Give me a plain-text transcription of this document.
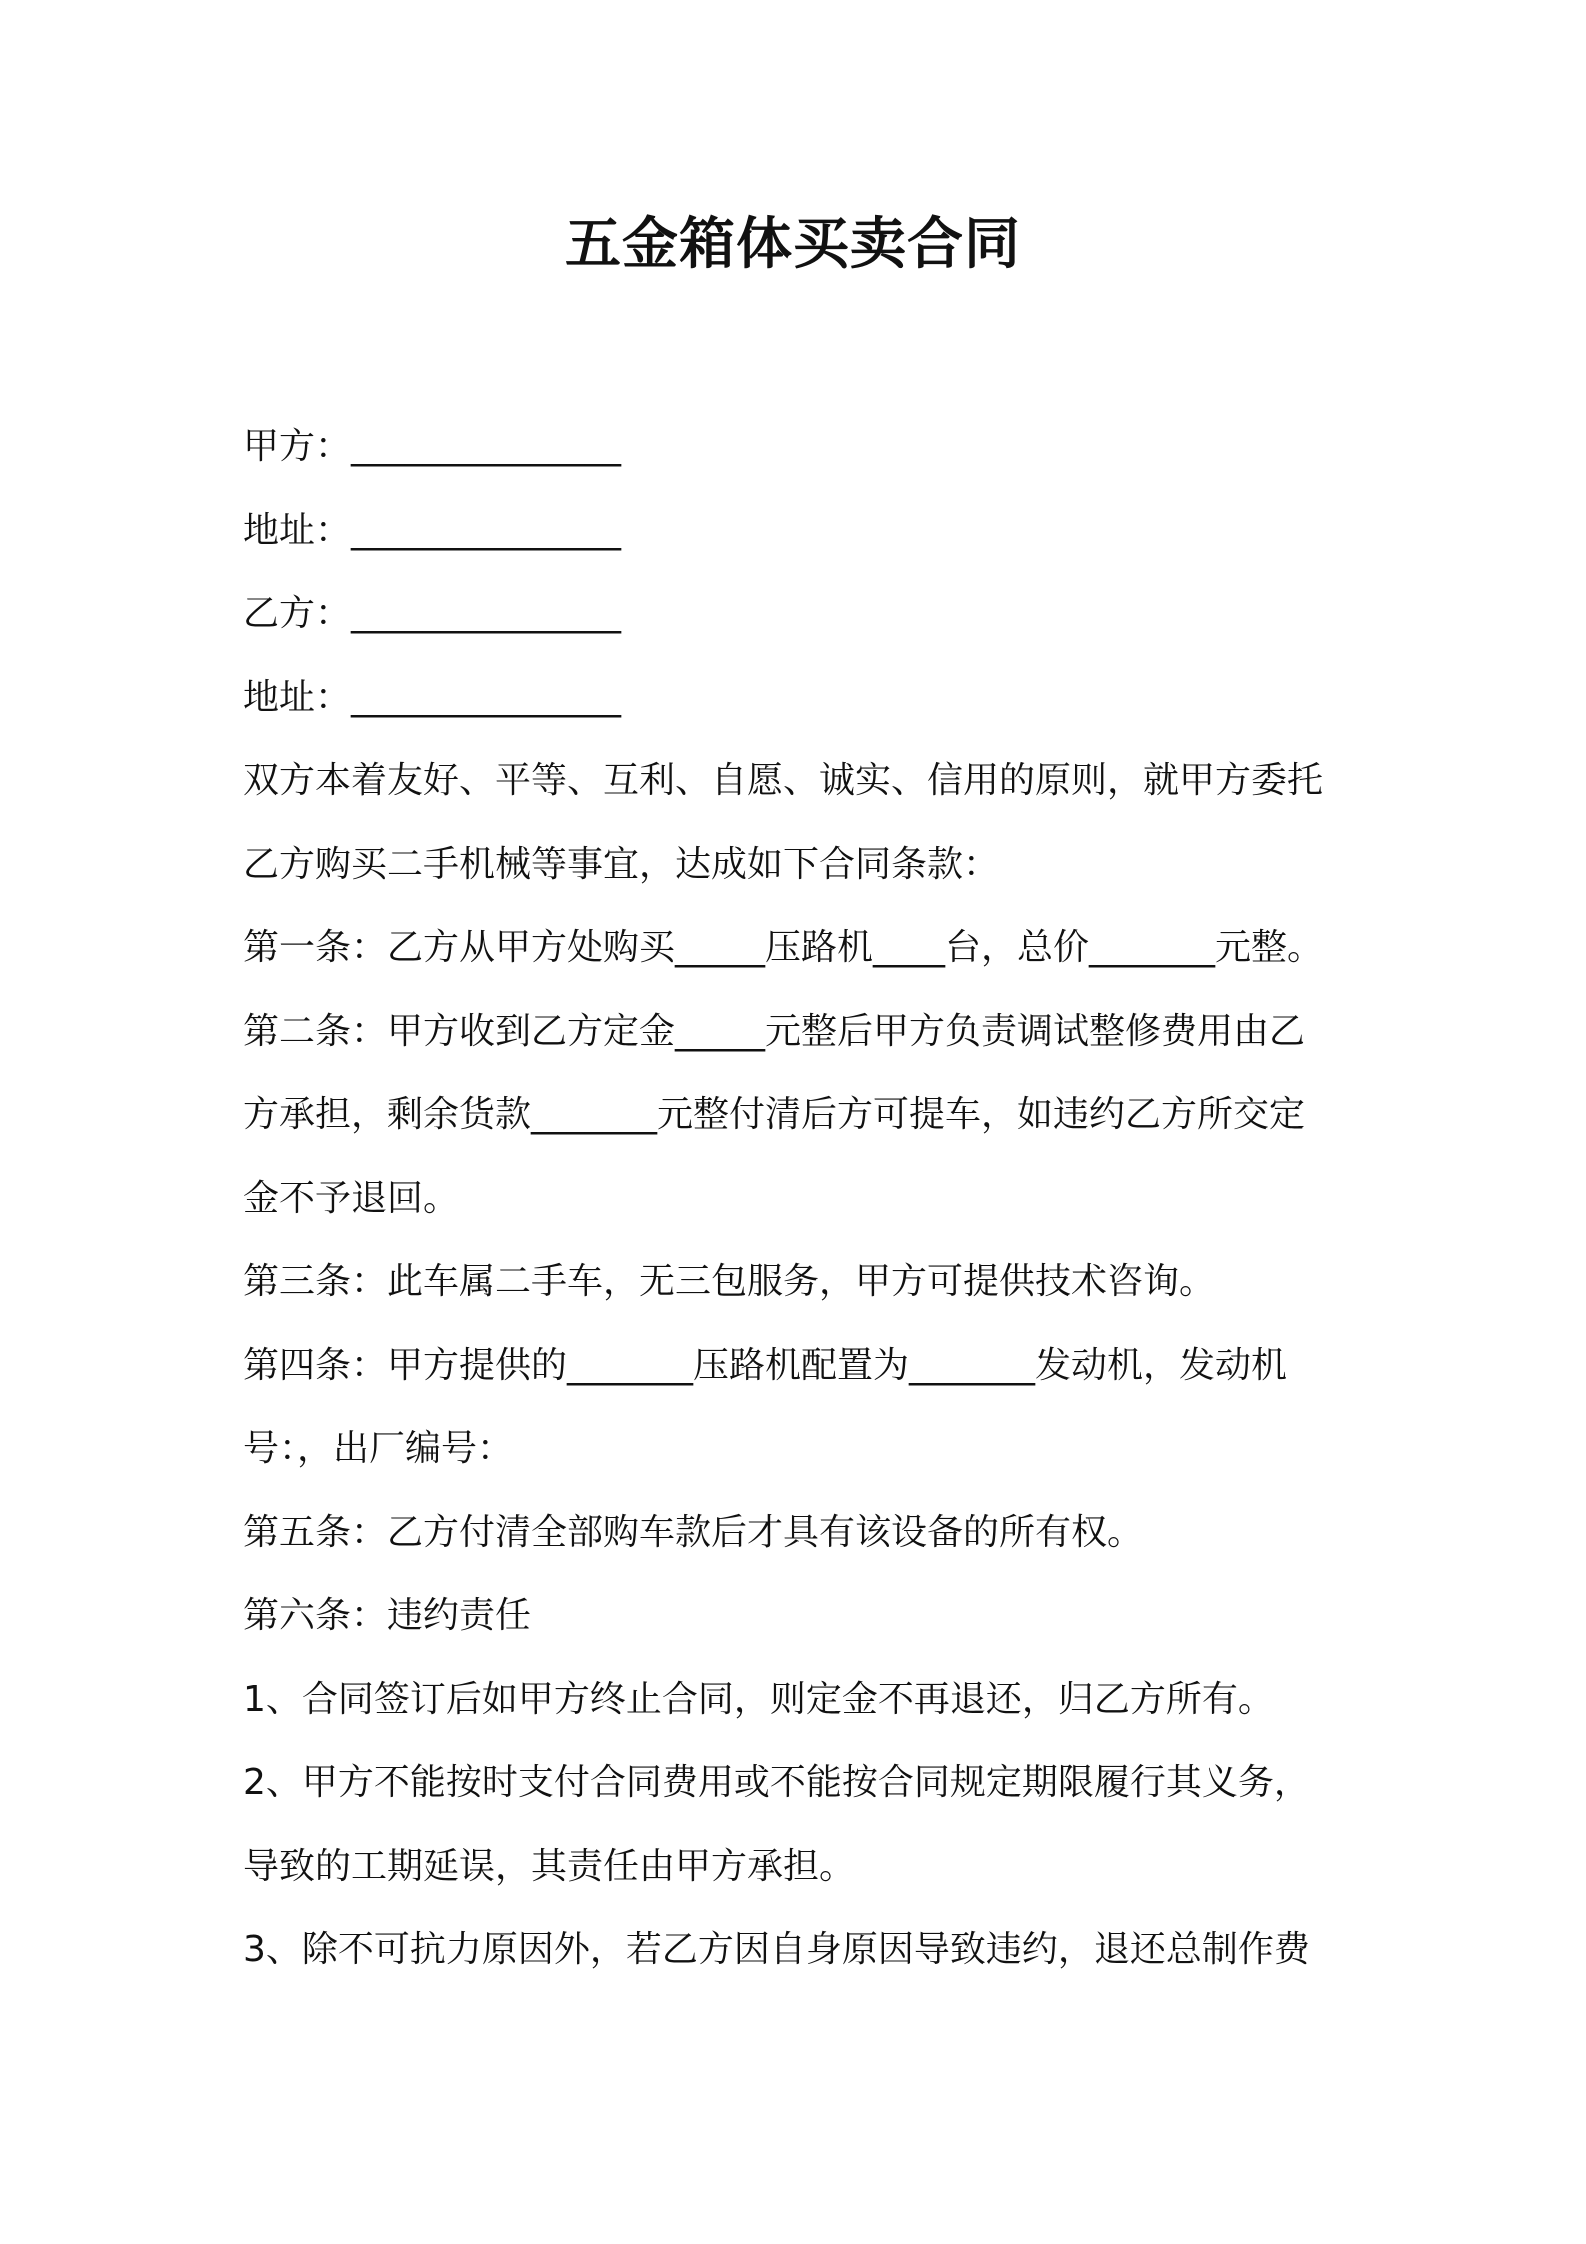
五金箱体买卖合同
甲方：_______________
地址：_______________
乙方：_______________
地址：_______________
双方本着友好、平等、互利、自愿、诚实、信用的原则，就甲方委托
乙方购买二手机械等事宜，达成如下合同条款：
第一条：乙方从甲方处购买_____压路机____台，总价_______元整。
第二条：甲方收到乙方定金_____元整后甲方负责调试整修费用由乙
方承担，剩余货款_______元整付清后方可提车，如违约乙方所交定
金不予退回。
第三条：此车属二手车，无三包服务，甲方可提供技术咨询。
第四条：甲方提供的_______压路机配置为_______发动机，发动机
号：，出厂编号：
第五条：乙方付清全部购车款后才具有该设备的所有权。
第六条：违约责任
1、合同签订后如甲方终止合同，则定金不再退还，归乙方所有。
2、甲方不能按时支付合同费用或不能按合同规定期限履行其义务，
导致的工期延误，其责任由甲方承担。
3、除不可抗力原因外，若乙方因自身原因导致违约，退还总制作费
